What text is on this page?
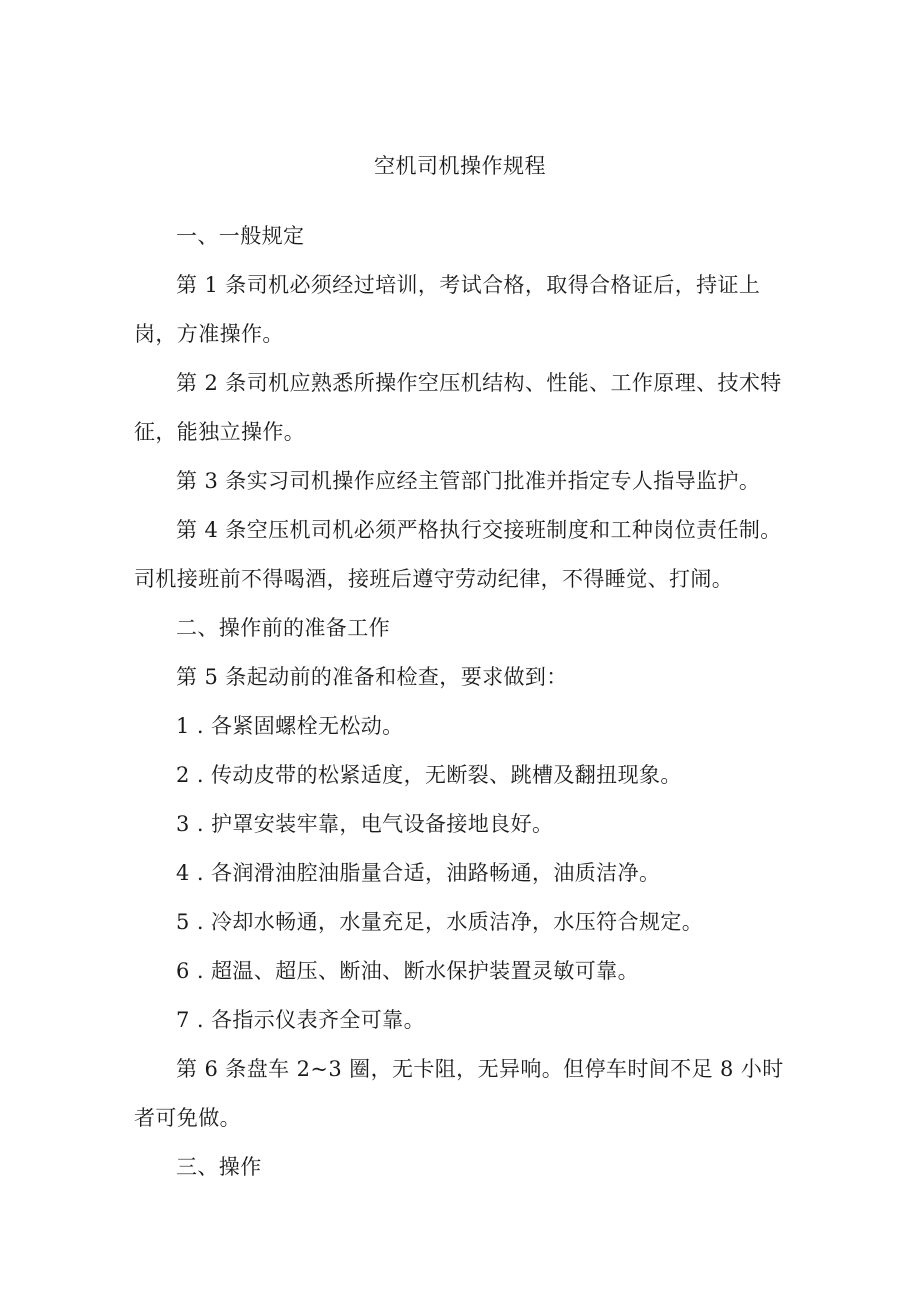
空机司机操作规程

一、一般规定

第 1 条司机必须经过培训，考试合格，取得合格证后，持证上岗，方准操作。

第 2 条司机应熟悉所操作空压机结构、性能、工作原理、技术特征，能独立操作。

第 3 条实习司机操作应经主管部门批准并指定专人指导监护。

第 4 条空压机司机必须严格执行交接班制度和工种岗位责任制。司机接班前不得喝酒，接班后遵守劳动纪律，不得睡觉、打闹。

二、操作前的准备工作

第 5 条起动前的准备和检查，要求做到：

1 . 各紧固螺栓无松动。

2 . 传动皮带的松紧适度，无断裂、跳槽及翻扭现象。

3 . 护罩安装牢靠，电气设备接地良好。

4 . 各润滑油腔油脂量合适，油路畅通，油质洁净。

5 . 冷却水畅通，水量充足，水质洁净，水压符合规定。

6 . 超温、超压、断油、断水保护装置灵敏可靠。

7 . 各指示仪表齐全可靠。

第 6 条盘车 2~3 圈，无卡阻，无异响。但停车时间不足 8 小时者可免做。

三、操作
